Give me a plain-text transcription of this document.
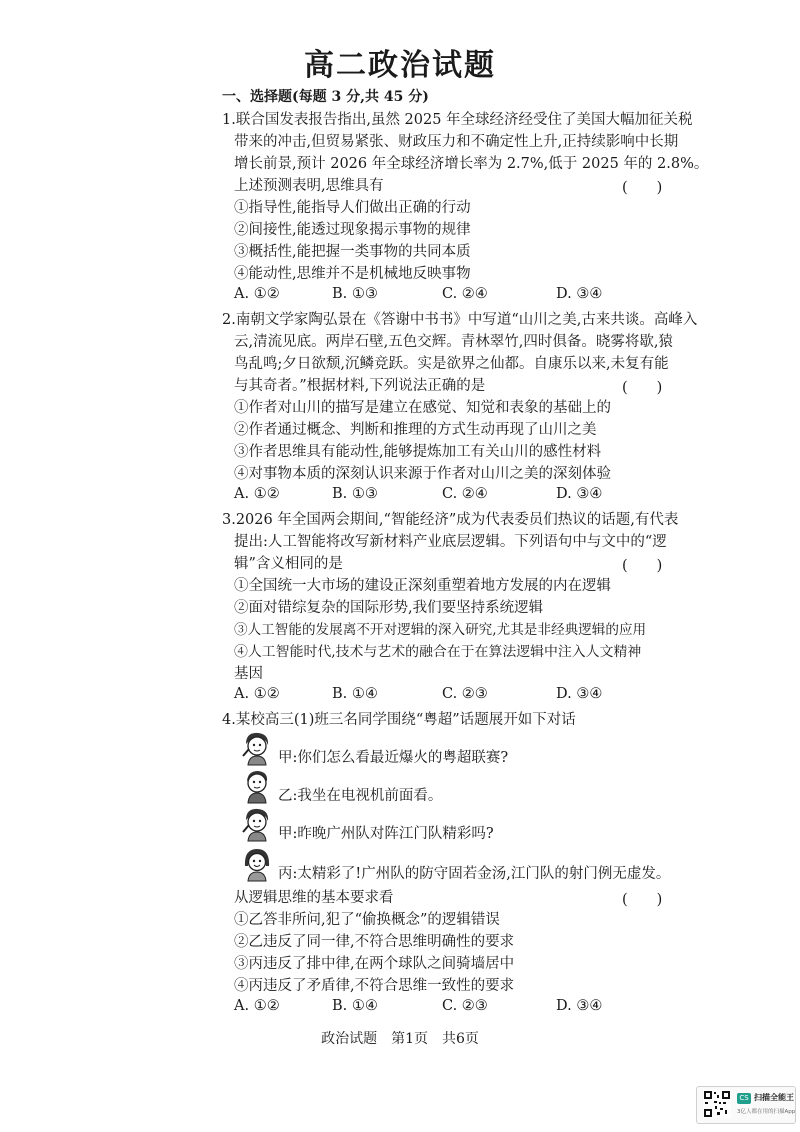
高二政治试题
一、选择题(每题 3 分,共 45 分)
1.联合国发表报告指出,虽然 2025 年全球经济经受住了美国大幅加征关税
带来的冲击,但贸易紧张、财政压力和不确定性上升,正持续影响中长期
增长前景,预计 2026 年全球经济增长率为 2.7%,低于 2025 年的 2.8%。
上述预测表明,思维具有	(　　)
①指导性,能指导人们做出正确的行动
②间接性,能透过现象揭示事物的规律
③概括性,能把握一类事物的共同本质
④能动性,思维并不是机械地反映事物
A. ①②	B. ①③	C. ②④	D. ③④
2.南朝文学家陶弘景在《答谢中书书》中写道“山川之美,古来共谈。高峰入
云,清流见底。两岸石壁,五色交辉。青林翠竹,四时俱备。晓雾将歇,猿
鸟乱鸣;夕日欲颓,沉鳞竞跃。实是欲界之仙都。自康乐以来,未复有能
与其奇者。”根据材料,下列说法正确的是	(　　)
①作者对山川的描写是建立在感觉、知觉和表象的基础上的
②作者通过概念、判断和推理的方式生动再现了山川之美
③作者思维具有能动性,能够提炼加工有关山川的感性材料
④对事物本质的深刻认识来源于作者对山川之美的深刻体验
A. ①②	B. ①③	C. ②④	D. ③④
3.2026 年全国两会期间,“智能经济”成为代表委员们热议的话题,有代表
提出:人工智能将改写新材料产业底层逻辑。下列语句中与文中的“逻
辑”含义相同的是	(　　)
①全国统一大市场的建设正深刻重塑着地方发展的内在逻辑
②面对错综复杂的国际形势,我们要坚持系统逻辑
③人工智能的发展离不开对逻辑的深入研究,尤其是非经典逻辑的应用
④人工智能时代,技术与艺术的融合在于在算法逻辑中注入人文精神
基因
A. ①②	B. ①④	C. ②③	D. ③④
4.某校高三(1)班三名同学围绕“粤超”话题展开如下对话
甲:你们怎么看最近爆火的粤超联赛?
乙:我坐在电视机前面看。
甲:昨晚广州队对阵江门队精彩吗?
丙:太精彩了!广州队的防守固若金汤,江门队的射门例无虚发。
从逻辑思维的基本要求看	(　　)
①乙答非所问,犯了“偷换概念”的逻辑错误
②乙违反了同一律,不符合思维明确性的要求
③丙违反了排中律,在两个球队之间骑墙居中
④丙违反了矛盾律,不符合思维一致性的要求
A. ①②	B. ①④	C. ②③	D. ③④
政治试题　第1页　共6页
CS 扫描全能王
3亿人都在用的扫描App
